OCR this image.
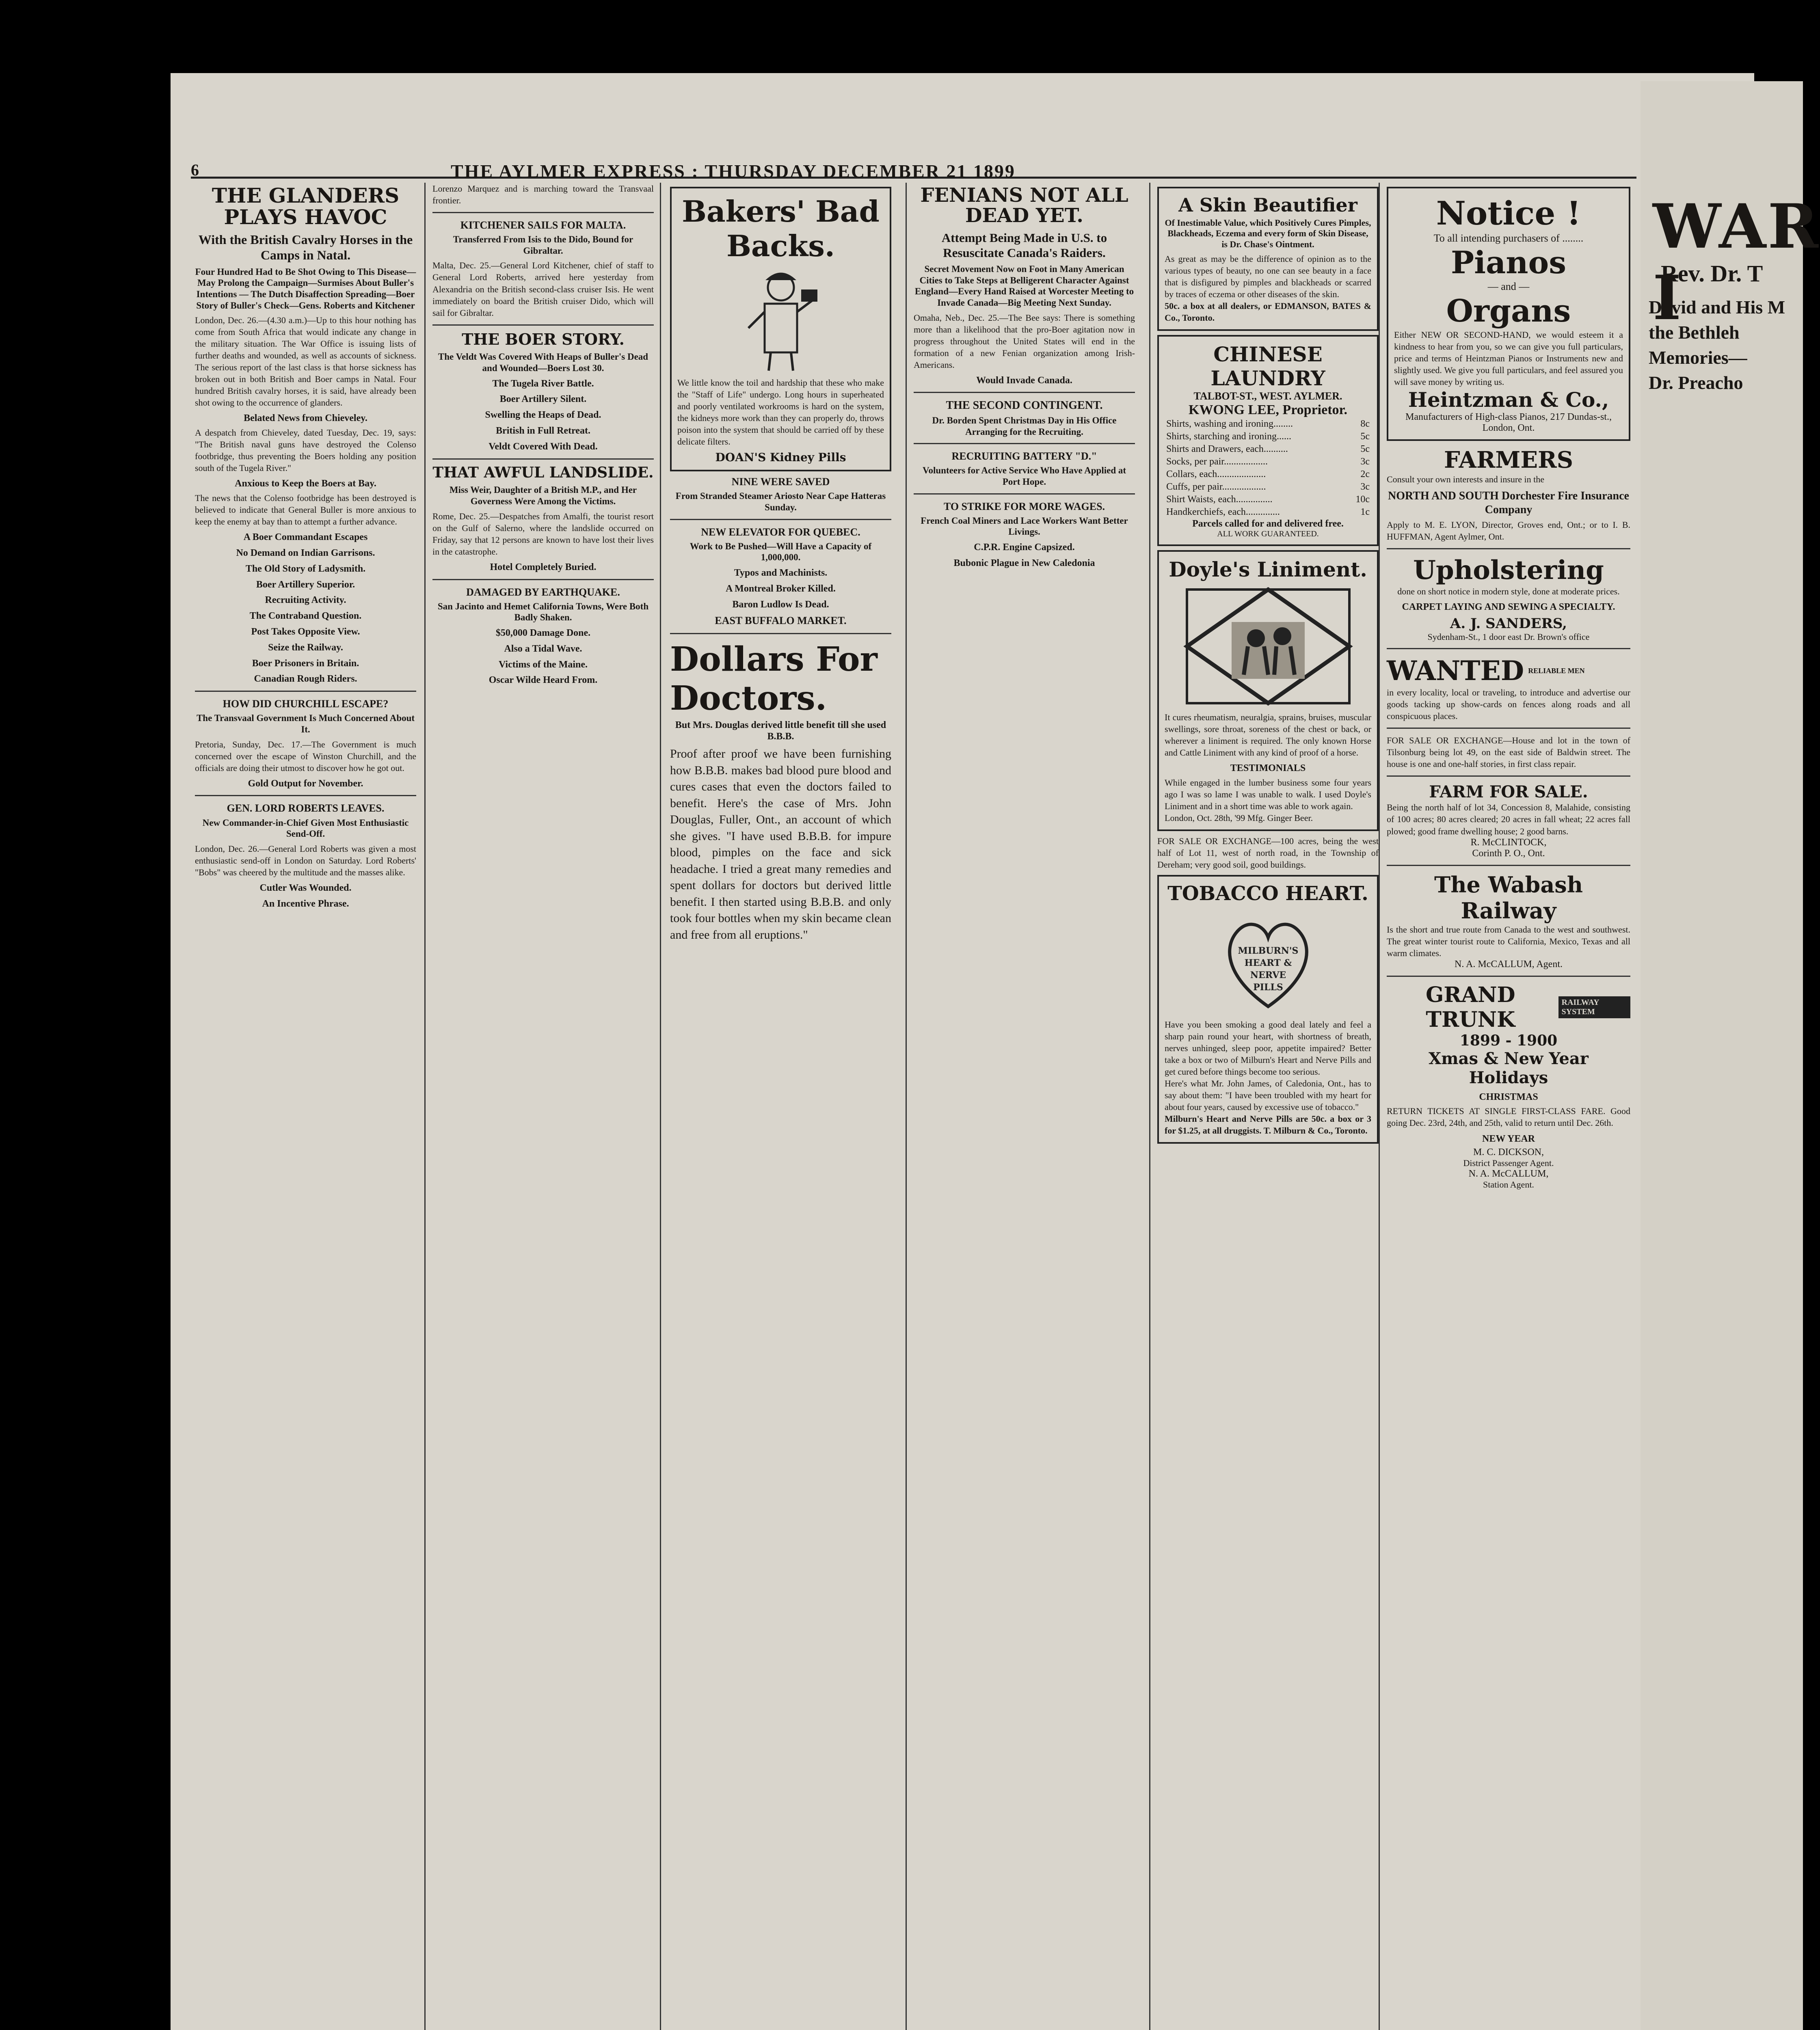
6	THE AYLMER EXPRESS : THURSDAY DECEMBER 21 1899
THE GLANDERS PLAYS HAVOC
With the British Cavalry Horses in the Camps in Natal.
Four Hundred Had to Be Shot Owing to This Disease—May Prolong the Campaign—Surmises About Buller's Intentions — The Dutch Disaffection Spreading—Boer Story of Buller's Check—Gens. Roberts and Kitchener

London, Dec. 26.—(4.30 a.m.)—Up to this hour nothing has come from South Africa that would indicate any change in the military situation. The War Office is issuing lists of further deaths and wounded, as well as accounts of sickness. The serious report of the last class is that horse sickness has broken out in both British and Boer camps in Natal. Four hundred British cavalry horses, it is said, have already been shot owing to the occurrence of glanders.

Belated News from Chieveley.

A despatch from Chieveley, dated Tuesday, Dec. 19, says: "The British naval guns have destroyed the Colenso footbridge, thus preventing the Boers holding any position south of the Tugela River."

Anxious to Keep the Boers at Bay.

The news that the Colenso footbridge has been destroyed is believed to indicate that General Buller is more anxious to keep the enemy at bay than to attempt a further advance.

A Boer Commandant Escapes
No Demand on Indian Garrisons.
The Old Story of Ladysmith.
Boer Artillery Superior.
Recruiting Activity.
The Contraband Question.
Post Takes Opposite View.
Seize the Railway.
Boer Prisoners in Britain.
Canadian Rough Riders.
HOW DID CHURCHILL ESCAPE?
The Transvaal Government Is Much Concerned About It.

Pretoria, Sunday, Dec. 17.—The Government is much concerned over the escape of Winston Churchill, and the officials are doing their utmost to discover how he got out.

Gold Output for November.
GEN. LORD ROBERTS LEAVES.
New Commander-in-Chief Given Most Enthusiastic Send-Off.

London, Dec. 26.—General Lord Roberts was given a most enthusiastic send-off in London on Saturday. Lord Roberts' "Bobs" was cheered by the multitude and the masses alike.

Cutler Was Wounded.
An Incentive Phrase.

Lorenzo Marquez and is marching toward the Transvaal frontier.

KITCHENER SAILS FOR MALTA.
Transferred From Isis to the Dido, Bound for Gibraltar.

Malta, Dec. 25.—General Lord Kitchener, chief of staff to General Lord Roberts, arrived here yesterday from Alexandria on the British second-class cruiser Isis. He went immediately on board the British cruiser Dido, which will sail for Gibraltar.

THE BOER STORY.
The Veldt Was Covered With Heaps of Buller's Dead and Wounded—Boers Lost 30.
The Tugela River Battle.
Boer Artillery Silent.
Swelling the Heaps of Dead.
British in Full Retreat.
Veldt Covered With Dead.
THAT AWFUL LANDSLIDE.
Miss Weir, Daughter of a British M.P., and Her Governess Were Among the Victims.

Rome, Dec. 25.—Despatches from Amalfi, the tourist resort on the Gulf of Salerno, where the landslide occurred on Friday, say that 12 persons are known to have lost their lives in the catastrophe.

Hotel Completely Buried.
DAMAGED BY EARTHQUAKE.
San Jacinto and Hemet California Towns, Were Both Badly Shaken.
$50,000 Damage Done.
Also a Tidal Wave.
Victims of the Maine.
Oscar Wilde Heard From.
Bakers' Bad Backs.

We little know the toil and hardship that these who make the "Staff of Life" undergo. Long hours in superheated and poorly ventilated workrooms is hard on the system, the kidneys more work than they can properly do, throws poison into the system that should be carried off by these delicate filters.

DOAN'S Kidney Pills
NINE WERE SAVED
From Stranded Steamer Ariosto Near Cape Hatteras Sunday.
NEW ELEVATOR FOR QUEBEC.
Work to Be Pushed—Will Have a Capacity of 1,000,000.
Typos and Machinists.
A Montreal Broker Killed.
Baron Ludlow Is Dead.
EAST BUFFALO MARKET.
Dollars For Doctors.
But Mrs. Douglas derived little benefit till she used B.B.B.

Proof after proof we have been furnishing how B.B.B. makes bad blood pure blood and cures cases that even the doctors failed to benefit. Here's the case of Mrs. John Douglas, Fuller, Ont., an account of which she gives. "I have used B.B.B. for impure blood, pimples on the face and sick headache. I tried a great many remedies and spent dollars for doctors but derived little benefit. I then started using B.B.B. and only took four bottles when my skin became clean and free from all eruptions."

FENIANS NOT ALL DEAD YET.
Attempt Being Made in U.S. to Resuscitate Canada's Raiders.
Secret Movement Now on Foot in Many American Cities to Take Steps at Belligerent Character Against England—Every Hand Raised at Worcester Meeting to Invade Canada—Big Meeting Next Sunday.

Omaha, Neb., Dec. 25.—The Bee says: There is something more than a likelihood that the pro-Boer agitation now in progress throughout the United States will end in the formation of a new Fenian organization among Irish-Americans.

Would Invade Canada.
THE SECOND CONTINGENT.
Dr. Borden Spent Christmas Day in His Office Arranging for the Recruiting.
RECRUITING BATTERY "D."
Volunteers for Active Service Who Have Applied at Port Hope.
TO STRIKE FOR MORE WAGES.
French Coal Miners and Lace Workers Want Better Livings.
C.P.R. Engine Capsized.
Bubonic Plague in New Caledonia
A Skin Beautifier
Of Inestimable Value, which Positively Cures Pimples, Blackheads, Eczema and every form of Skin Disease, is Dr. Chase's Ointment.

As great as may be the difference of opinion as to the various types of beauty, no one can see beauty in a face that is disfigured by pimples and blackheads or scarred by traces of eczema or other diseases of the skin.

50c. a box at all dealers, or EDMANSON, BATES & Co., Toronto.

CHINESE LAUNDRY
TALBOT-ST., WEST. AYLMER.
KWONG LEE, Proprietor.
Shirts, washing and ironing........	8c
Shirts, starching and ironing......	5c
Shirts and Drawers, each..........	5c
Socks, per pair..................	3c
Collars, each....................	2c
Cuffs, per pair..................	3c
Shirt Waists, each...............	10c
Handkerchiefs, each..............	1c
Parcels called for and delivered free.
ALL WORK GUARANTEED.
Doyle's Liniment.

It cures rheumatism, neuralgia, sprains, bruises, muscular swellings, sore throat, soreness of the chest or back, or wherever a liniment is required. The only known Horse and Cattle Liniment with any kind of proof of a horse.

TESTIMONIALS

While engaged in the lumber business some four years ago I was so lame I was unable to walk. I used Doyle's Liniment and in a short time was able to work again.

London, Oct. 28th, '99 Mfg. Ginger Beer.

FOR SALE OR EXCHANGE—100 acres, being the west half of Lot 11, west of north road, in the Township of Dereham; very good soil, good buildings.

TOBACCO HEART.
MILBURN'S
HEART &
NERVE
PILLS

Have you been smoking a good deal lately and feel a sharp pain round your heart, with shortness of breath, nerves unhinged, sleep poor, appetite impaired? Better take a box or two of Milburn's Heart and Nerve Pills and get cured before things become too serious.

Here's what Mr. John James, of Caledonia, Ont., has to say about them: "I have been troubled with my heart for about four years, caused by excessive use of tobacco."

Milburn's Heart and Nerve Pills are 50c. a box or 3 for $1.25, at all druggists. T. Milburn & Co., Toronto.

Notice !
To all intending purchasers of ........
Pianos
— and —
Organs

Either NEW OR SECOND-HAND, we would esteem it a kindness to hear from you, so we can give you full particulars, price and terms of Heintzman Pianos or Instruments new and slightly used. We give you full particulars, and feel assured you will save money by writing us.

Heintzman & Co.,
Manufacturers of High-class Pianos, 217 Dundas-st., London, Ont.
FARMERS

Consult your own interests and insure in the

NORTH AND SOUTH Dorchester Fire Insurance Company

Apply to M. E. LYON, Director, Groves end, Ont.; or to I. B. HUFFMAN, Agent Aylmer, Ont.

Upholstering

done on short notice in modern style, done at moderate prices.

CARPET LAYING AND SEWING A SPECIALTY.
A. J. SANDERS,
Sydenham-St., 1 door east Dr. Brown's office
WANTED RELIABLE MEN

in every locality, local or traveling, to introduce and advertise our goods tacking up show-cards on fences along roads and all conspicuous places.

FOR SALE OR EXCHANGE—House and lot in the town of Tilsonburg being lot 49, on the east side of Baldwin street. The house is one and one-half stories, in first class repair.

FARM FOR SALE.

Being the north half of lot 34, Concession 8, Malahide, consisting of 100 acres; 80 acres cleared; 20 acres in fall wheat; 22 acres fall plowed; good frame dwelling house; 2 good barns.

R. McCLINTOCK,
Corinth P. O., Ont.
The Wabash Railway

Is the short and true route from Canada to the west and southwest. The great winter tourist route to California, Mexico, Texas and all warm climates.

N. A. McCALLUM, Agent.
GRAND TRUNK
RAILWAY SYSTEM
1899 - 1900
Xmas & New Year Holidays
CHRISTMAS

RETURN TICKETS AT SINGLE FIRST-CLASS FARE. Good going Dec. 23rd, 24th, and 25th, valid to return until Dec. 26th.

NEW YEAR
M. C. DICKSON,
District Passenger Agent.
N. A. McCALLUM,
Station Agent.
WAR I
Rev. Dr. T
David and His M
the Bethleh
Memories—
Dr. Preacho
